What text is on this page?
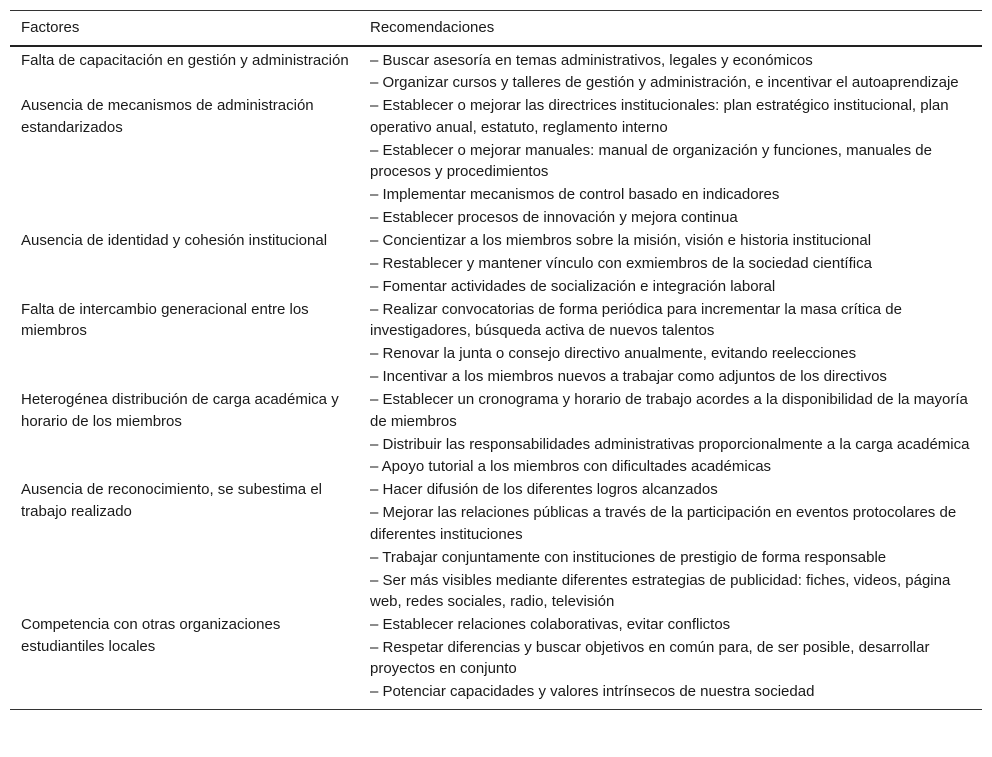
Factores	Recomendaciones
Falta de capacitación en gestión y administración	– Buscar asesoría en temas administrativos, legales y económicos
– Organizar cursos y talleres de gestión y administración, e incentivar el autoaprendizaje

Ausencia de mecanismos de administración estandarizados	– Establecer o mejorar las directrices institucionales: plan estratégico institucional, plan operativo anual, estatuto, reglamento interno
– Establecer o mejorar manuales: manual de organización y funciones, manuales de procesos y procedimientos
– Implementar mecanismos de control basado en indicadores
– Establecer procesos de innovación y mejora continua

Ausencia de identidad y cohesión institucional	– Concientizar a los miembros sobre la misión, visión e historia institucional
– Restablecer y mantener vínculo con exmiembros de la sociedad científica
– Fomentar actividades de socialización e integración laboral

Falta de intercambio generacional entre los miembros	– Realizar convocatorias de forma periódica para incrementar la masa crítica de investigadores, búsqueda activa de nuevos talentos
– Renovar la junta o consejo directivo anualmente, evitando reelecciones
– Incentivar a los miembros nuevos a trabajar como adjuntos de los directivos

Heterogénea distribución de carga académica y horario de los miembros	– Establecer un cronograma y horario de trabajo acordes a la disponibilidad de la mayoría de miembros
– Distribuir las responsabilidades administrativas proporcionalmente a la carga académica
– Apoyo tutorial a los miembros con dificultades académicas

Ausencia de reconocimiento, se subestima el trabajo realizado	– Hacer difusión de los diferentes logros alcanzados
– Mejorar las relaciones públicas a través de la participación en eventos protocolares de diferentes instituciones
– Trabajar conjuntamente con instituciones de prestigio de forma responsable
– Ser más visibles mediante diferentes estrategias de publicidad: fiches, videos, página web, redes sociales, radio, televisión

Competencia con otras organizaciones estudiantiles locales	– Establecer relaciones colaborativas, evitar conflictos
– Respetar diferencias y buscar objetivos en común para, de ser posible, desarrollar proyectos en conjunto
– Potenciar capacidades y valores intrínsecos de nuestra sociedad
